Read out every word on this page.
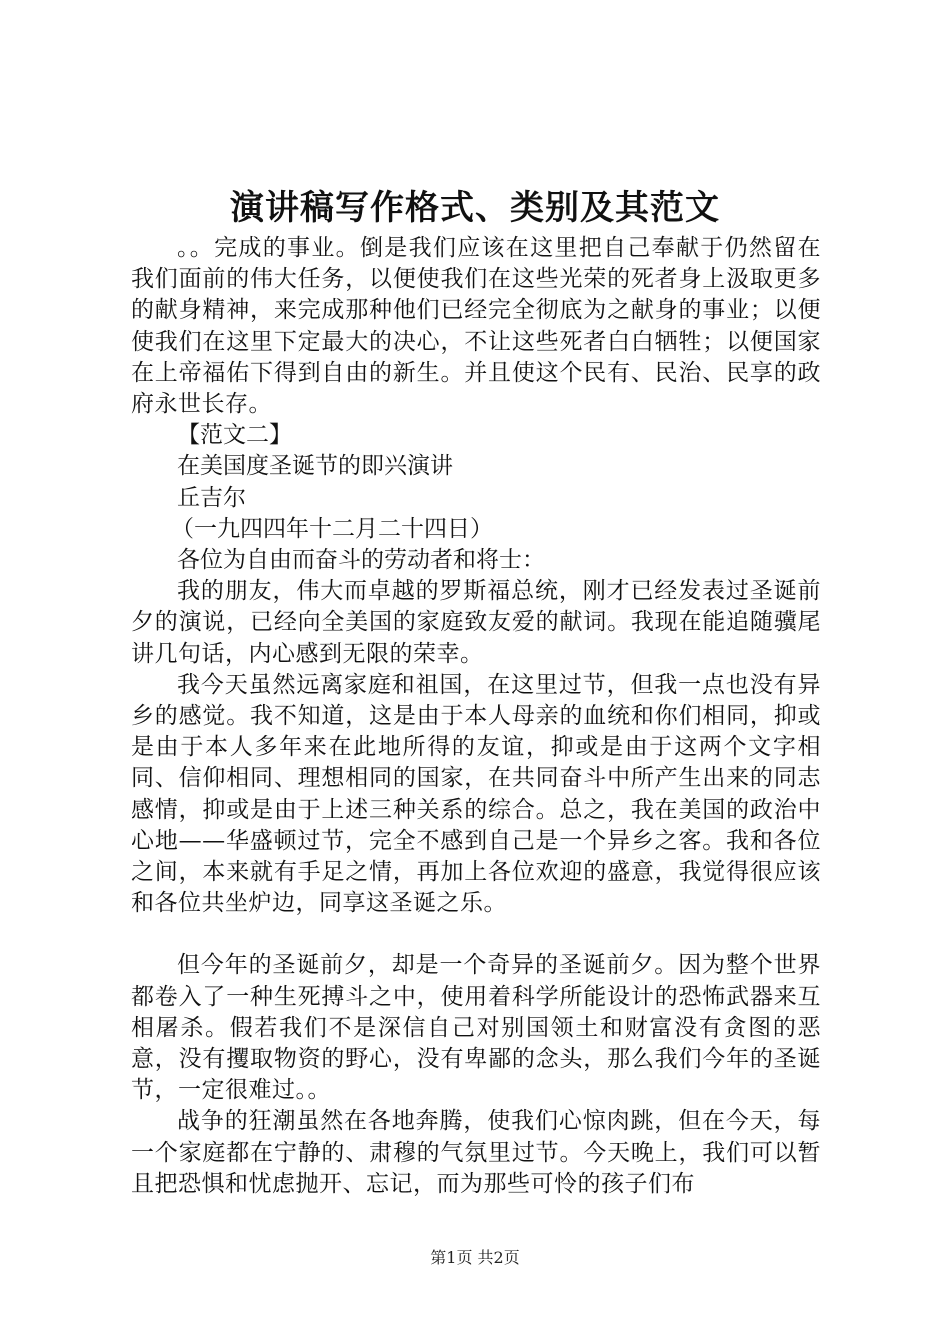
演讲稿写作格式、类别及其范文

。。完成的事业。倒是我们应该在这里把自己奉献于仍然留在我们面前的伟大任务，以便使我们在这些光荣的死者身上汲取更多的献身精神，来完成那种他们已经完全彻底为之献身的事业；以便使我们在这里下定最大的决心，不让这些死者白白牺牲；以便国家在上帝福佑下得到自由的新生。并且使这个民有、民治、民享的政府永世长存。

【范文二】

在美国度圣诞节的即兴演讲

丘吉尔

（一九四四年十二月二十四日）

各位为自由而奋斗的劳动者和将士：

我的朋友，伟大而卓越的罗斯福总统，刚才已经发表过圣诞前夕的演说，已经向全美国的家庭致友爱的献词。我现在能追随骥尾讲几句话，内心感到无限的荣幸。

我今天虽然远离家庭和祖国，在这里过节，但我一点也没有异乡的感觉。我不知道，这是由于本人母亲的血统和你们相同，抑或是由于本人多年来在此地所得的友谊，抑或是由于这两个文字相同、信仰相同、理想相同的国家，在共同奋斗中所产生出来的同志感情，抑或是由于上述三种关系的综合。总之，我在美国的政治中心地——华盛顿过节，完全不感到自己是一个异乡之客。我和各位之间，本来就有手足之情，再加上各位欢迎的盛意，我觉得很应该和各位共坐炉边，同享这圣诞之乐。

但今年的圣诞前夕，却是一个奇异的圣诞前夕。因为整个世界都卷入了一种生死搏斗之中，使用着科学所能设计的恐怖武器来互相屠杀。假若我们不是深信自己对别国领土和财富没有贪图的恶意，没有攫取物资的野心，没有卑鄙的念头，那么我们今年的圣诞节，一定很难过。。

战争的狂潮虽然在各地奔腾，使我们心惊肉跳，但在今天，每一个家庭都在宁静的、肃穆的气氛里过节。今天晚上，我们可以暂且把恐惧和忧虑抛开、忘记，而为那些可怜的孩子们布

第1页 共2页
